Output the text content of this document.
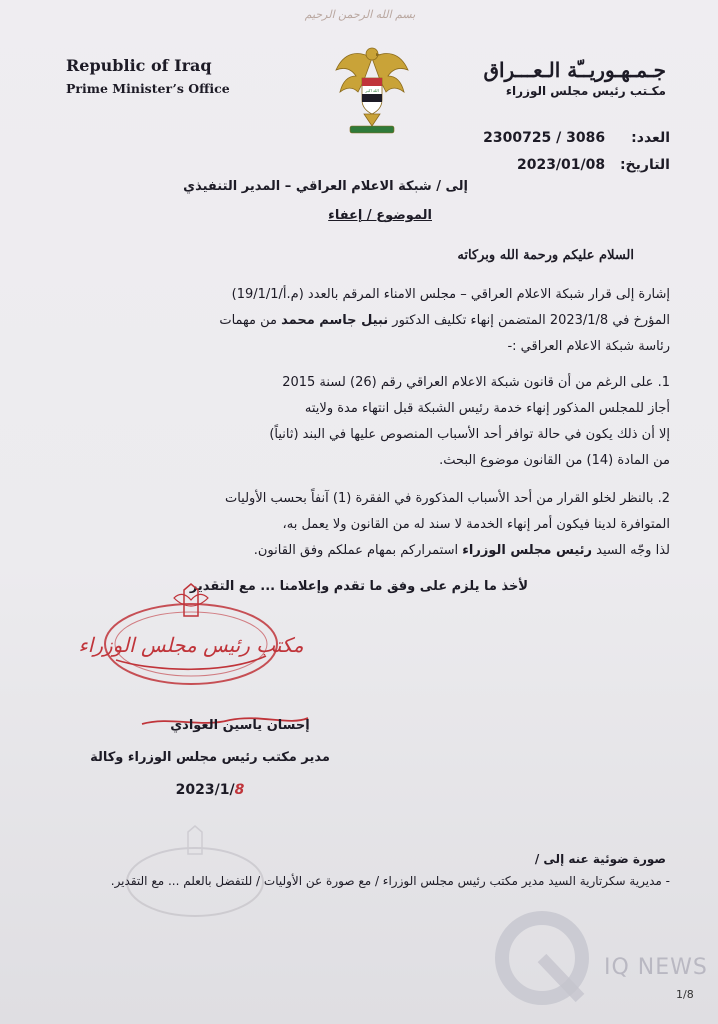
بسم الله الرحمن الرحيم
Republic of Iraq
Prime Minister’s Office	الله اكبر
جـمـهـوريــّة الـعـــراق
مكـتب رئيس مجلس الوزراء
العدد: 2300725 / 3086
التاريخ: 2023/01/08
إلى / شبكة الاعلام العراقي – المدير التنفيذي
الموضوع / إعفاء
السلام عليكم ورحمة الله وبركاته
إشارة إلى قرار شبكة الاعلام العراقي – مجلس الامناء المرقم بالعدد (م.أ/19/1/1)
المؤرخ في 2023/1/8 المتضمن إنهاء تكليف الدكتور نبيل جاسم محمد من مهمات
رئاسة شبكة الاعلام العراقي :-
1. على الرغم من أن قانون شبكة الاعلام العراقي رقم (26) لسنة 2015
أجاز للمجلس المذكور إنهاء خدمة رئيس الشبكة قبل انتهاء مدة ولايته
إلا أن ذلك يكون في حالة توافر أحد الأسباب المنصوص عليها في البند (ثانياً)
من المادة (14) من القانون موضوع البحث.
2. بالنظر لخلو القرار من أحد الأسباب المذكورة في الفقرة (1) آنفاً بحسب الأوليات
المتوافرة لدينا فيكون أمر إنهاء الخدمة لا سند له من القانون ولا يعمل به،
لذا وجّه السيد رئيس مجلس الوزراء استمراركم بمهام عملكم وفق القانون.
لأخذ ما يلزم على وفق ما تقدم وإعلامنا ... مع التقدير
مكتب رئيس مجلس الوزراء
إحسان ياسين العوادي
مدير مكتب رئيس مجلس الوزراء وكالة
2023/1/8
صورة ضوئية عنه إلى /
- مديرية سكرتارية السيد مدير مكتب رئيس مجلس الوزراء / مع صورة عن الأوليات / للتفضل بالعلم ... مع التقدير.
IQ NEWS
1/8
